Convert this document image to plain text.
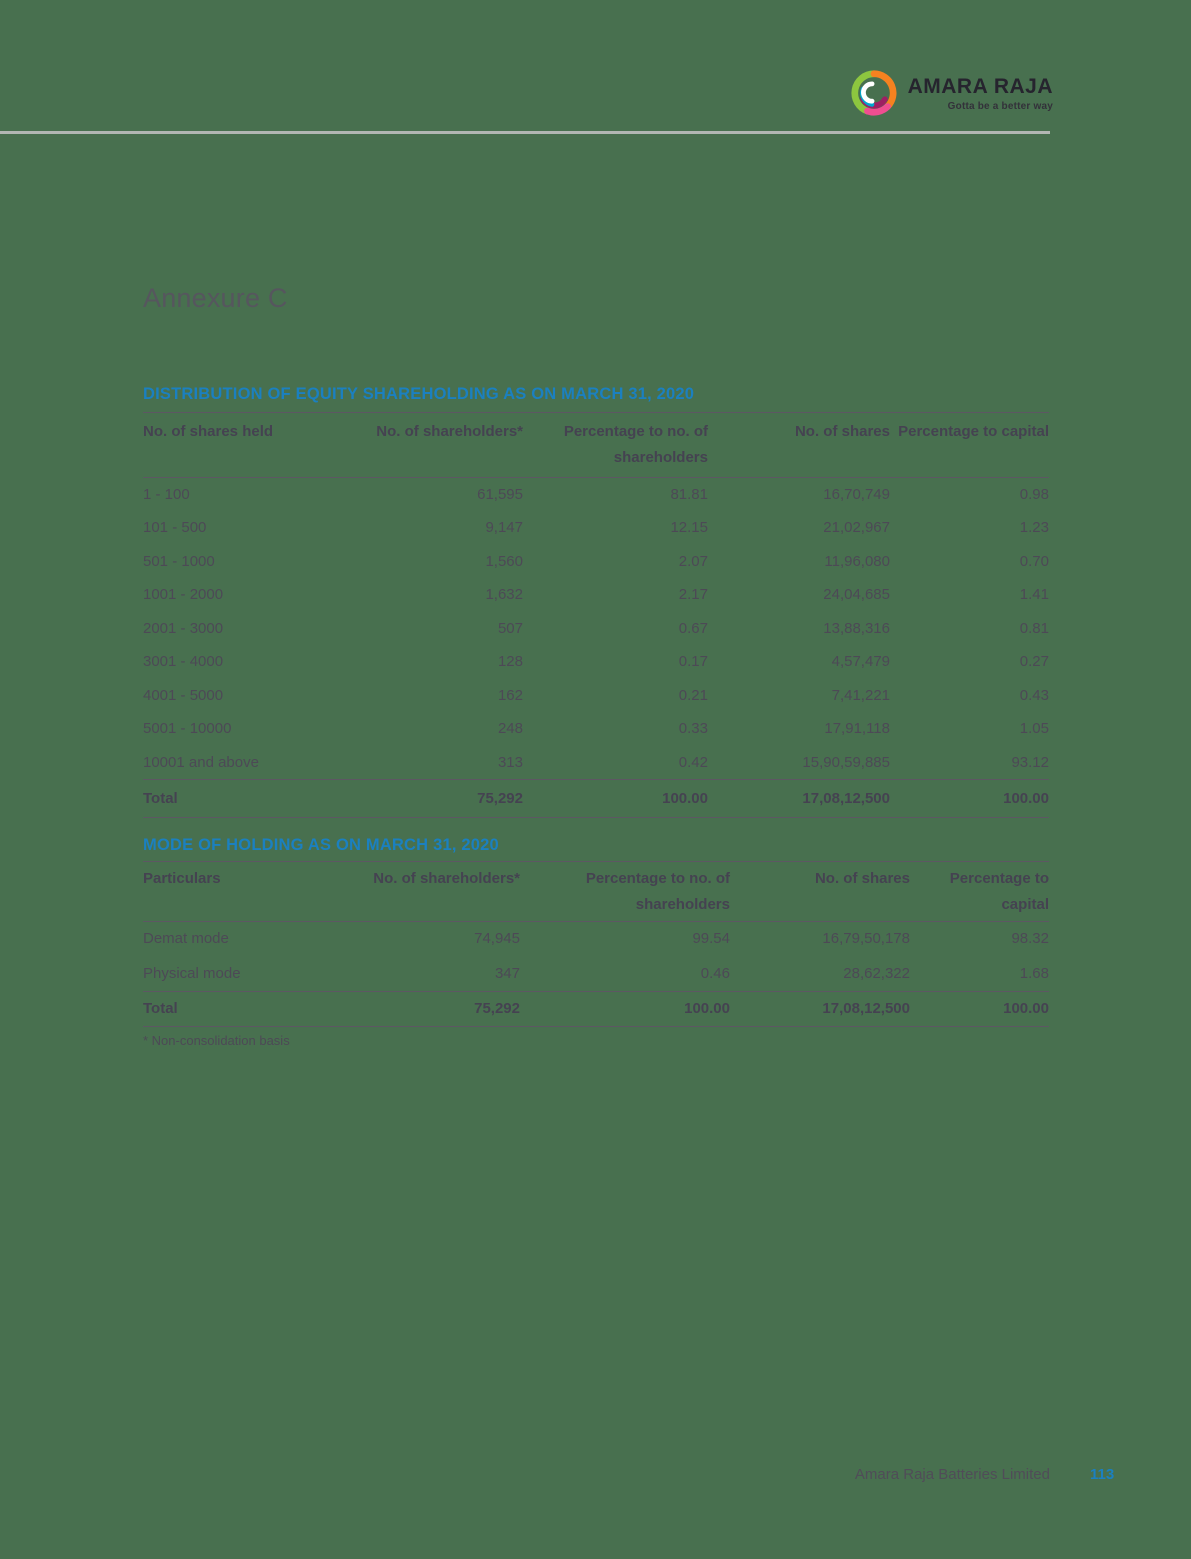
AMARA RAJA
Gotta be a better way
Annexure C
DISTRIBUTION OF EQUITY SHAREHOLDING AS ON MARCH 31, 2020
No. of shares held	No. of shareholders*	Percentage to no. of shareholders	No. of shares	Percentage to capital
1 - 100	61,595	81.81	16,70,749	0.98
101 - 500	9,147	12.15	21,02,967	1.23
501 - 1000	1,560	2.07	11,96,080	0.70
1001 - 2000	1,632	2.17	24,04,685	1.41
2001 - 3000	507	0.67	13,88,316	0.81
3001 - 4000	128	0.17	4,57,479	0.27
4001 - 5000	162	0.21	7,41,221	0.43
5001 - 10000	248	0.33	17,91,118	1.05
10001 and above	313	0.42	15,90,59,885	93.12
Total	75,292	100.00	17,08,12,500	100.00
MODE OF HOLDING AS ON MARCH 31, 2020
Particulars	No. of shareholders*	Percentage to no. of shareholders	No. of shares	Percentage to capital
Demat mode	74,945	99.54	16,79,50,178	98.32
Physical mode	347	0.46	28,62,322	1.68
Total	75,292	100.00	17,08,12,500	100.00
* Non-consolidation basis
Amara Raja Batteries Limited	113
